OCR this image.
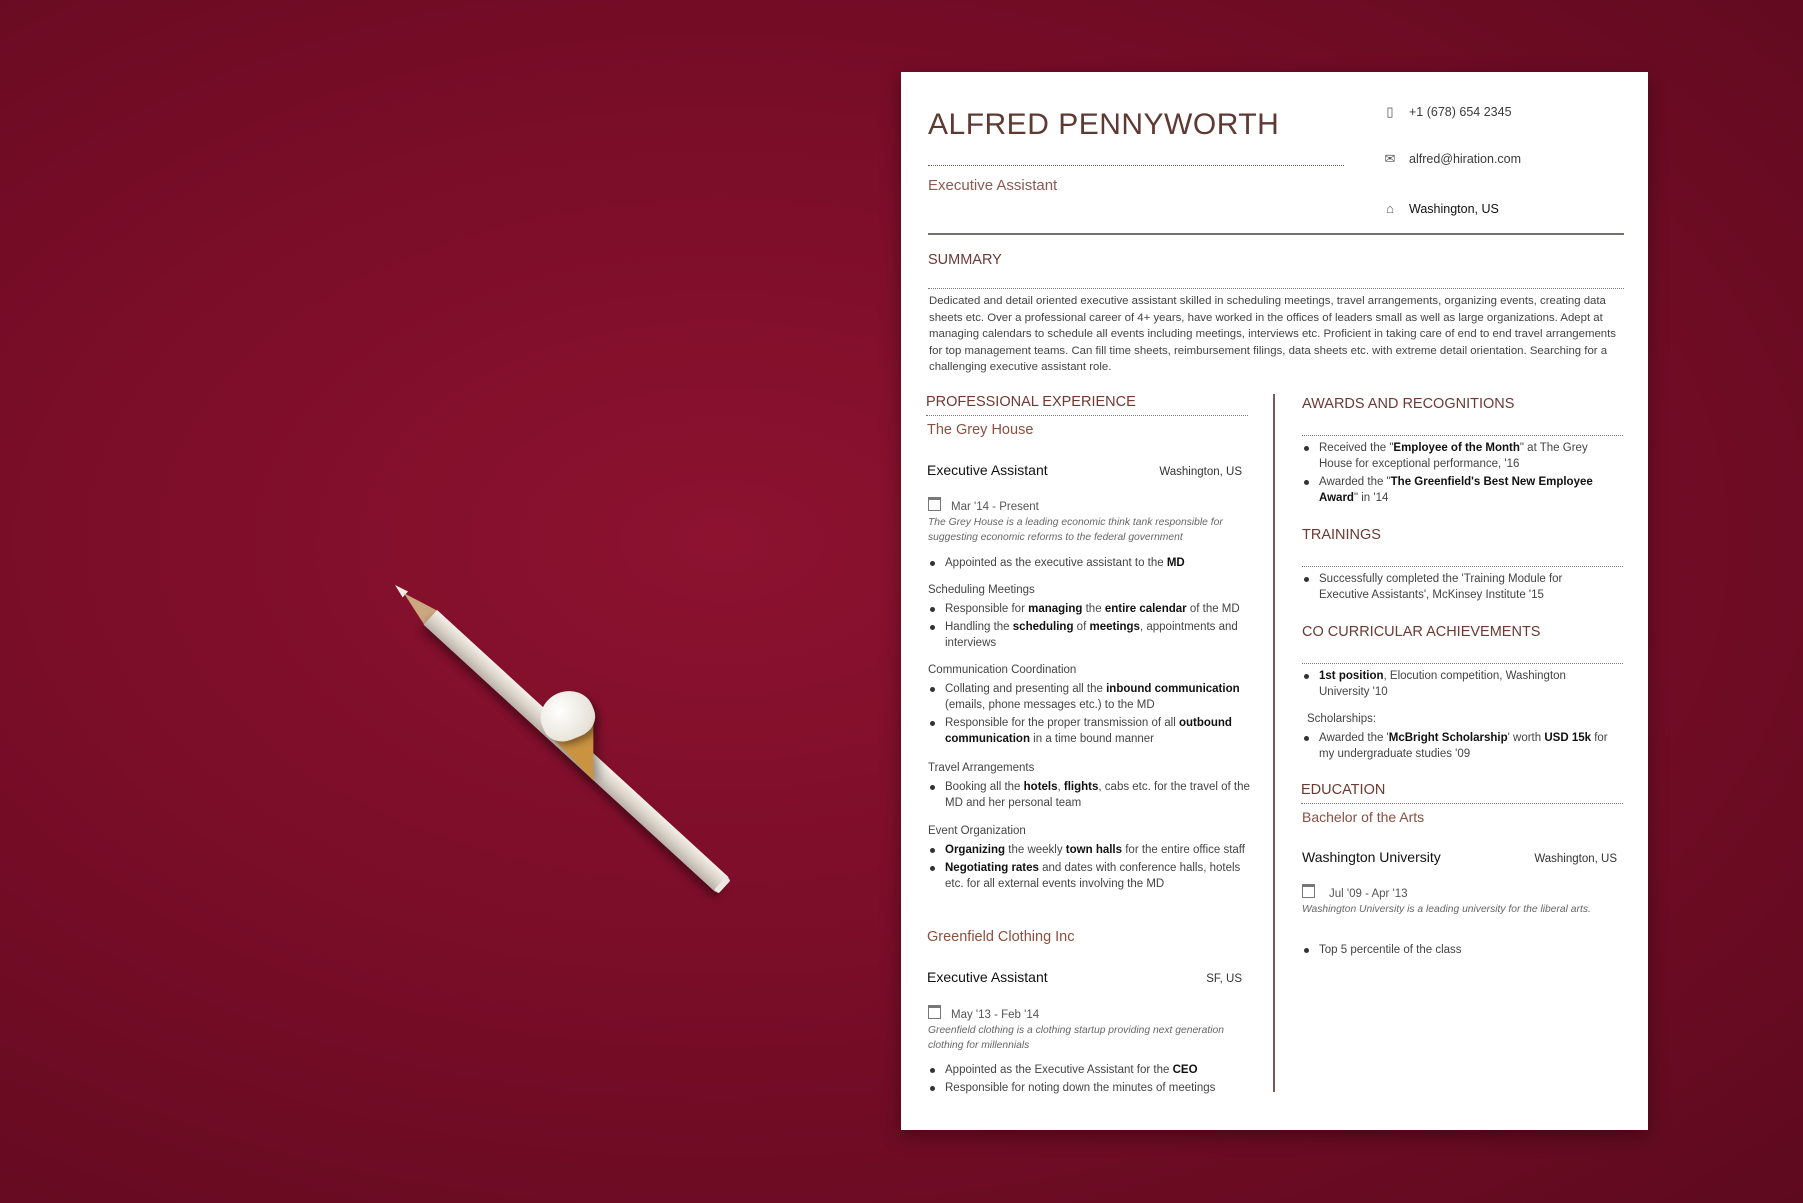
ALFRED PENNYWORTH
Executive Assistant
▯ +1 (678) 654 2345
✉ alfred@hiration.com
⌂ Washington, US
SUMMARY
Dedicated and detail oriented executive assistant skilled in scheduling meetings, travel arrangements, organizing events, creating data sheets etc. Over a professional career of 4+ years, have worked in the offices of leaders small as well as large organizations. Adept at managing calendars to schedule all events including meetings, interviews etc. Proficient in taking care of end to end travel arrangements for top management teams. Can fill time sheets, reimbursement filings, data sheets etc. with extreme detail orientation. Searching for a challenging executive assistant role.
PROFESSIONAL EXPERIENCE
The Grey House
Executive Assistant	Washington, US
Mar '14 - Present
The Grey House is a leading economic think tank responsible for suggesting economic reforms to the federal government
Appointed as the executive assistant to the MD
Scheduling Meetings
Responsible for managing the entire calendar of the MD
Handling the scheduling of meetings, appointments and interviews
Communication Coordination
Collating and presenting all the inbound communication (emails, phone messages etc.) to the MD
Responsible for the proper transmission of all outbound communication in a time bound manner
Travel Arrangements
Booking all the hotels, flights, cabs etc. for the travel of the MD and her personal team
Event Organization
Organizing the weekly town halls for the entire office staff
Negotiating rates and dates with conference halls, hotels etc. for all external events involving the MD
Greenfield Clothing Inc
Executive Assistant	SF, US
May '13 - Feb '14
Greenfield clothing is a clothing startup providing next generation clothing for millennials
Appointed as the Executive Assistant for the CEO
Responsible for noting down the minutes of meetings
AWARDS AND RECOGNITIONS
Received the "Employee of the Month" at The Grey House for exceptional performance, '16
Awarded the "The Greenfield's Best New Employee Award" in '14
TRAININGS
Successfully completed the 'Training Module for Executive Assistants', McKinsey Institute '15
CO CURRICULAR ACHIEVEMENTS
1st position, Elocution competition, Washington University '10
Scholarships:
Awarded the 'McBright Scholarship' worth USD 15k for my undergraduate studies '09
EDUCATION
Bachelor of the Arts
Washington University	Washington, US
Jul '09 - Apr '13
Washington University is a leading university for the liberal arts.
Top 5 percentile of the class
